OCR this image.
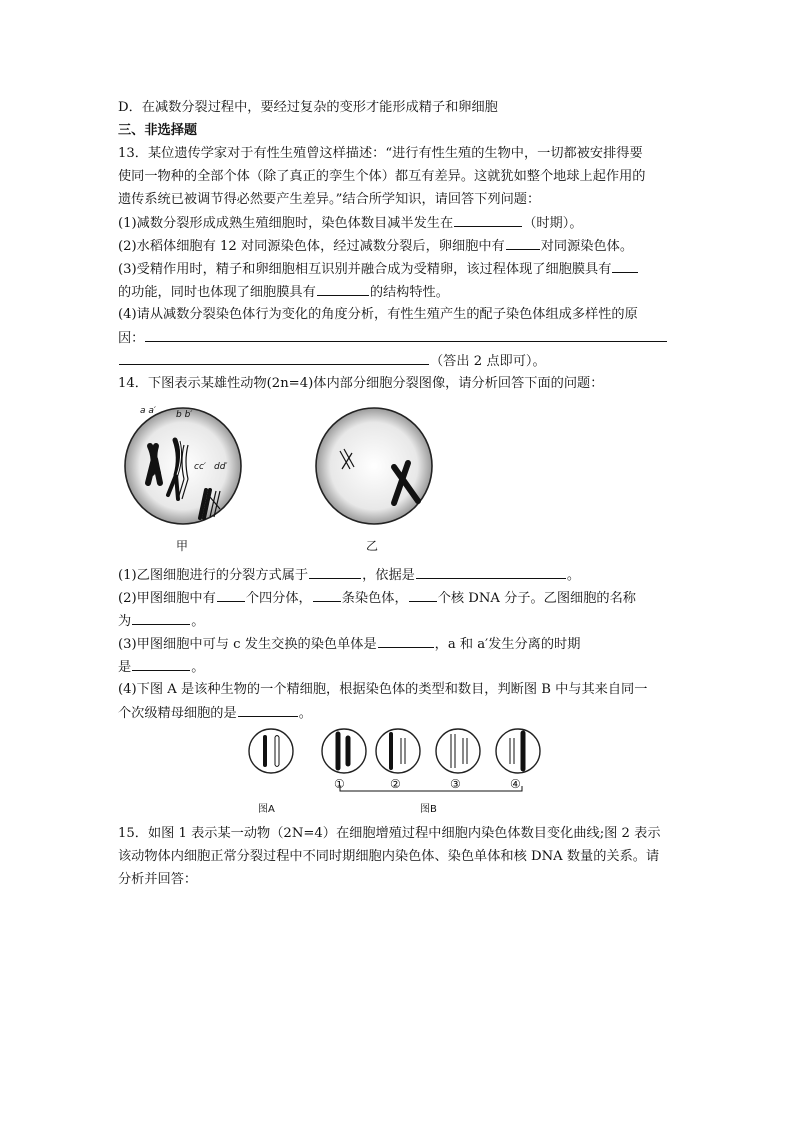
D．在减数分裂过程中，要经过复杂的变形才能形成精子和卵细胞
三、非选择题
13．某位遗传学家对于有性生殖曾这样描述：“进行有性生殖的生物中，一切都被安排得要
使同一物种的全部个体（除了真正的孪生个体）都互有差异。这就犹如整个地球上起作用的
遗传系统已被调节得必然要产生差异。”结合所学知识，请回答下列问题：
(1)减数分裂形成成熟生殖细胞时，染色体数目减半发生在	（时期）。
(2)水稻体细胞有 12 对同源染色体，经过减数分裂后，卵细胞中有	对同源染色体。
(3)受精作用时，精子和卵细胞相互识别并融合成为受精卵，该过程体现了细胞膜具有
的功能，同时也体现了细胞膜具有	的结构特性。
(4)请从减数分裂染色体行为变化的角度分析，有性生殖产生的配子染色体组成多样性的原
因：
（答出 2 点即可）。
14．下图表示某雄性动物(2n=4)体内部分细胞分裂图像，请分析回答下面的问题：
a a′ b b′
cc′ dd′
甲	乙
(1)乙图细胞进行的分裂方式属于	，依据是	。
(2)甲图细胞中有 个四分体， 条染色体， 个核 DNA 分子。乙图细胞的名称
为	。
(3)甲图细胞中可与 c 发生交换的染色单体是	，a 和 a′发生分离的时期
是	。
(4)下图 A 是该种生物的一个精细胞，根据染色体的类型和数目，判断图 B 中与其来自同一
个次级精母细胞的是	。
①	②	③	④
图A	图B
15．如图 1 表示某一动物（2N=4）在细胞增殖过程中细胞内染色体数目变化曲线;图 2 表示
该动物体内细胞正常分裂过程中不同时期细胞内染色体、染色单体和核 DNA 数量的关系。请
分析并回答：
